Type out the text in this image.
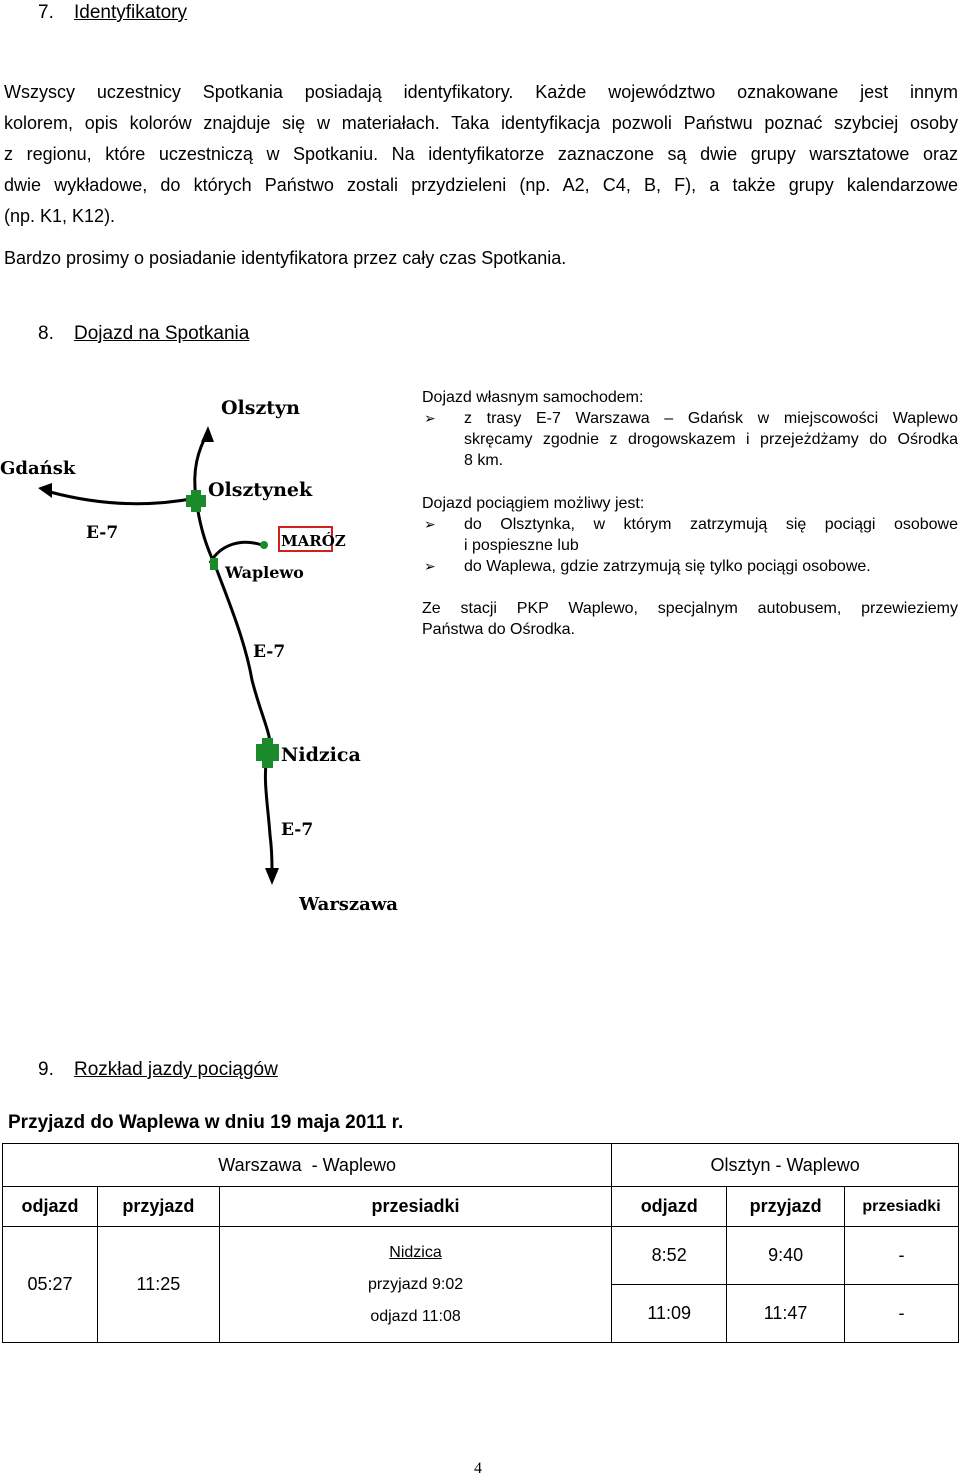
7. Identyfikatory
Wszyscy uczestnicy Spotkania posiadają identyfikatory. Każde województwo oznakowane jest innym
kolorem, opis kolorów znajduje się w materiałach. Taka identyfikacja pozwoli Państwu poznać szybciej osoby
z regionu, które uczestniczą w Spotkaniu. Na identyfikatorze zaznaczone są dwie grupy warsztatowe oraz
dwie wykładowe, do których Państwo zostali przydzieleni (np. A2, C4, B, F), a także grupy kalendarzowe
(np. K1, K12).
Bardzo prosimy o posiadanie identyfikatora przez cały czas Spotkania.
8. Dojazd na Spotkania
Olsztyn
Gdańsk
Olsztynek
MARÓZ
Waplewo
E-7
E-7
Nidzica
E-7
Warszawa
Dojazd własnym samochodem:
➢ z trasy E-7 Warszawa – Gdańsk w miejscowości Waplewo
skręcamy zgodnie z drogowskazem i przejeżdżamy do Ośrodka
8 km.
Dojazd pociągiem możliwy jest:
➢ do Olsztynka, w którym zatrzymują się pociągi osobowe
i pospieszne lub
➢ do Waplewa, gdzie zatrzymują się tylko pociągi osobowe.
Ze stacji PKP Waplewo, specjalnym autobusem, przewieziemy
Państwa do Ośrodka.
9. Rozkład jazdy pociągów
Przyjazd do Waplewa w dniu 19 maja 2011 r.
Warszawa  - Waplewo			Olsztyn - Waplewo		
odjazd	przyjazd	przesiadki	odjazd	przyjazd	przesiadki
05:27	11:25	Nidzica
przyjazd 9:02
odjazd 11:08	8:52	9:40	-
			11:09	11:47	-
4
